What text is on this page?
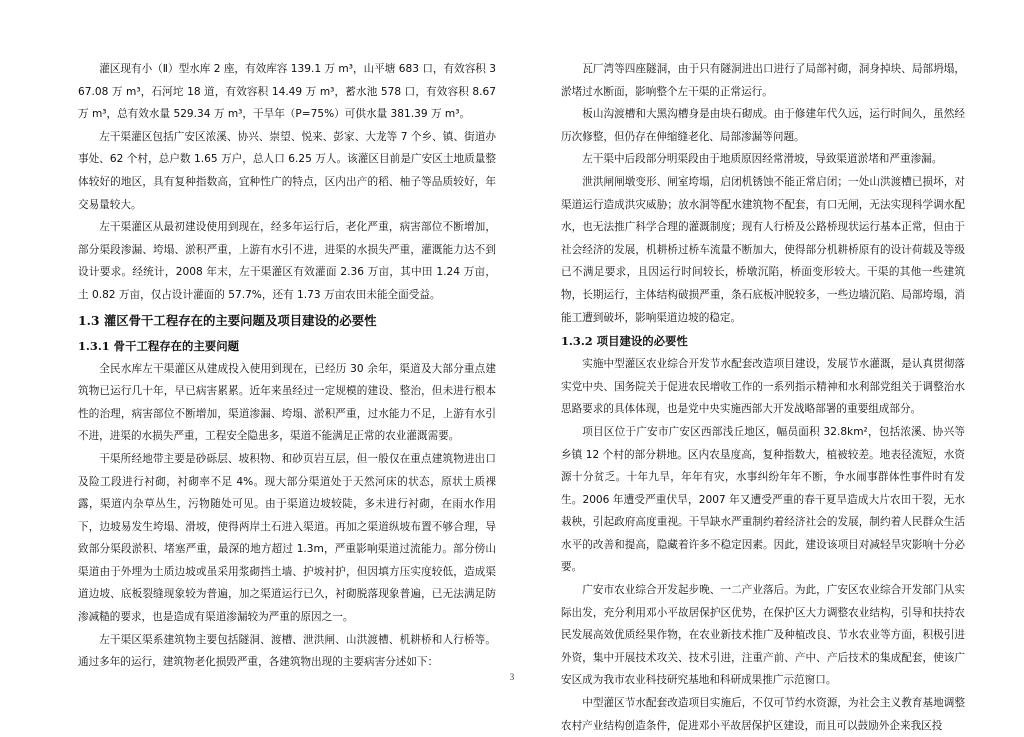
灌区现有小（Ⅱ）型水库 2 座，有效库容 139.1 万 m³，山平塘 683 口，有效容积 367.08 万 m³，石河坨 18 道，有效容积 14.49 万 m³，蓄水池 578 口，有效容积 8.67 万 m³，总有效水量 529.34 万 m³，干旱年（P=75%）可供水量 381.39 万 m³。

左干渠灌区包括广安区浓溪、协兴、崇望、悦来、彭家、大龙等 7 个乡、镇、街道办事处、62 个村，总户数 1.65 万户，总人口 6.25 万人。该灌区目前是广安区土地质量整体较好的地区，具有复种指数高，宜种性广的特点，区内出产的稻、柚子等品质较好，年交易量较大。

左干渠灌区从最初建设使用到现在，经多年运行后，老化严重，病害部位不断增加，部分渠段渗漏、垮塌、淤积严重，上游有水引不进，进渠的水损失严重，灌溉能力达不到设计要求。经统计，2008 年末，左干渠灌区有效灌面 2.36 万亩，其中田 1.24 万亩，土 0.82 万亩，仅占设计灌面的 57.7%，还有 1.73 万亩农田未能全面受益。

1.3 灌区骨干工程存在的主要问题及项目建设的必要性
1.3.1 骨干工程存在的主要问题

全民水库左干渠灌区从建成投入使用到现在，已经历 30 余年，渠道及大部分重点建筑物已运行几十年，早已病害累累。近年来虽经过一定规模的建设、整治，但未进行根本性的治理，病害部位不断增加，渠道渗漏、垮塌、淤积严重，过水能力不足，上游有水引不进，进渠的水损失严重，工程安全隐患多，渠道不能满足正常的农业灌溉需要。

干渠所经地带主要是砂砾层、坡积物、和砂页岩互层，但一般仅在重点建筑物进出口及险工段进行衬砌，衬砌率不足 4%。现大部分渠道处于天然河床的状态，原状土质裸露，渠道内杂草丛生，污物随处可见。由于渠道边坡较陡，多未进行衬砌，在雨水作用下，边坡易发生垮塌、滑坡，使得两岸土石进入渠道。再加之渠道纵坡布置不够合理，导致部分渠段淤积、堵塞严重，最深的地方超过 1.3m，严重影响渠道过流能力。部分傍山渠道由于外埋为土质边坡或虽采用浆砌挡土墙、护坡衬护，但因填方压实度较低，造成渠道边坡、底板裂缝现象较为普遍，加之渠道运行已久，衬砌脱落现象普遍，已无法满足防渗减糙的要求，也是造成有渠道渗漏较为严重的原因之一。

左干渠区渠系建筑物主要包括隧洞、渡槽、泄洪闸、山洪渡槽、机耕桥和人行桥等。通过多年的运行，建筑物老化损毁严重，各建筑物出现的主要病害分述如下：

瓦厂湾等四座隧洞，由于只有隧洞进出口进行了局部衬砌，洞身掉块、局部坍塌，淤堵过水断面，影响整个左干渠的正常运行。

板山沟渡槽和大黑沟槽身是由块石砌成。由于修建年代久远，运行时间久，虽然经历次修整，但仍存在伸缩缝老化、局部渗漏等问题。

左干渠中后段部分明渠段由于地质原因经常滑坡，导致渠道淤堵和严重渗漏。

泄洪闸闸墩变形、闸室垮塌，启闭机锈蚀不能正常启闭；一处山洪渡槽已损坏，对渠道运行造成洪灾威胁；放水洞等配水建筑物不配套，有口无闸，无法实现科学调水配水，也无法推广科学合理的灌溉制度；现有人行桥及公路桥现状运行基本正常，但由于社会经济的发展，机耕桥过桥车流量不断加大，使得部分机耕桥原有的设计荷载及等级已不满足要求，且因运行时间较长，桥墩沉陷，桥面变形较大。干渠的其他一些建筑物，长期运行，主体结构破损严重，条石底板冲脱较多，一些边墙沉陷、局部垮塌，消能工遭到破坏，影响渠道边坡的稳定。

1.3.2 项目建设的必要性

实施中型灌区农业综合开发节水配套改造项目建设，发展节水灌溉，是认真贯彻落实党中央、国务院关于促进农民增收工作的一系列指示精神和水利部党组关于调整治水思路要求的具体体现，也是党中央实施西部大开发战略部署的重要组成部分。

项目区位于广安市广安区西部浅丘地区，幅员面积 32.8km²，包括浓溪、协兴等乡镇 12 个村的部分耕地。区内农垦度高，复种指数大，植被较差。地表径流短，水资源十分贫乏。十年九旱，年年有灾，水事纠纷年年不断，争水闹事群体性事件时有发生。2006 年遭受严重伏旱，2007 年又遭受严重的春干夏旱造成大片农田干裂，无水栽秧，引起政府高度重视。干旱缺水严重制约着经济社会的发展，制约着人民群众生活水平的改善和提高，隐藏着许多不稳定因素。因此，建设该项目对减轻旱灾影响十分必要。

广安市农业综合开发起步晚、一二产业落后。为此，广安区农业综合开发部门从实际出发，充分利用邓小平故居保护区优势，在保护区大力调整农业结构，引导和扶持农民发展高效优质经果作物，在农业新技术推广及种植改良、节水农业等方面，积极引进外资，集中开展技术攻关、技术引进，注重产前、产中、产后技术的集成配套，使该广安区成为我市农业科技研究基地和科研成果推广示范窗口。

中型灌区节水配套改造项目实施后，不仅可节约水资源，为社会主义教育基地调整农村产业结构创造条件，促进邓小平故居保护区建设，而且可以鼓励外企来我区投

3
